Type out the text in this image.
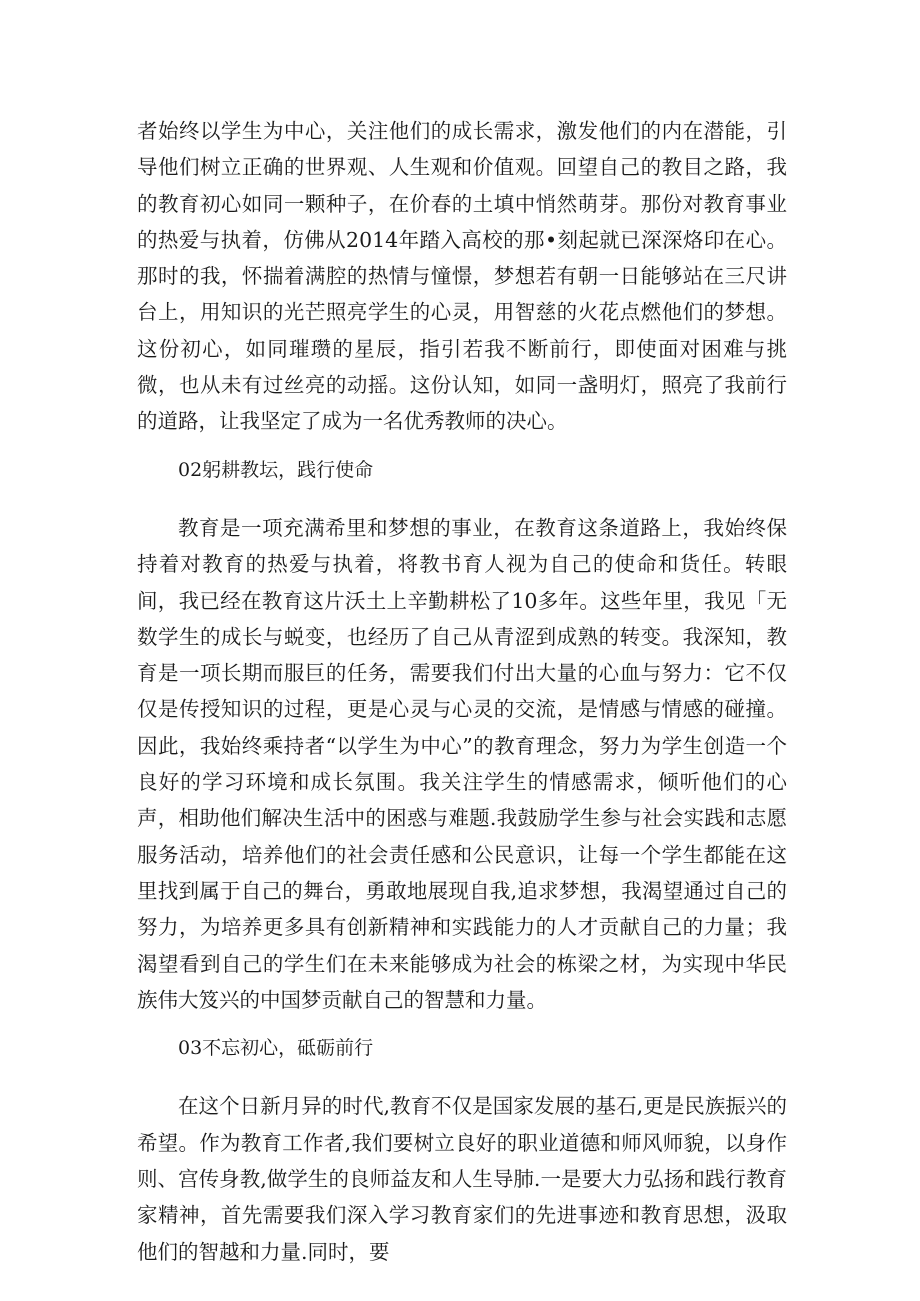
者始终以学生为中心，关注他们的成长需求，激发他们的内在潜能，引导他们树立正确的世界观、人生观和价值观。回望自己的教目之路，我的教育初心如同一颗种子，在价春的土填中悄然萌芽。那份对教育事业的热爱与执着，仿佛从2014年踏入高校的那•刻起就已深深烙印在心。那时的我，怀揣着满腔的热情与憧憬，梦想若有朝一日能够站在三尺讲台上，用知识的光芒照亮学生的心灵，用智慈的火花点燃他们的梦想。这份初心，如同璀瓒的星辰，指引若我不断前行，即使面对困难与挑微，也从未有过丝亮的动摇。这份认知，如同一盏明灯，照亮了我前行的道路，让我坚定了成为一名优秀教师的决心。

02躬耕教坛，践行使命

教育是一项充满希里和梦想的事业，在教育这条道路上，我始终保持着对教育的热爱与执着，将教书育人视为自己的使命和货任。转眼间，我已经在教育这片沃土上辛勤耕松了10多年。这些年里，我见「无数学生的成长与蜕变，也经历了自己从青涩到成熟的转变。我深知，教育是一项长期而服巨的任务，需要我们付出大量的心血与努力：它不仅仅是传授知识的过程，更是心灵与心灵的交流，是情感与情感的碰撞。因此，我始终乘持者“以学生为中心”的教育理念，努力为学生创造一个良好的学习环境和成长氛围。我关注学生的情感需求，倾听他们的心声，相助他们解决生活中的困惑与难题.我鼓励学生参与社会实践和志愿服务活动，培养他们的社会责任感和公民意识，让每一个学生都能在这里找到属于自己的舞台，勇敢地展现自我,追求梦想，我渴望通过自己的努力，为培养更多具有创新精神和实践能力的人才贡献自己的力量；我渴望看到自己的学生们在未来能够成为社会的栋梁之材，为实现中华民族伟大笈兴的中国梦贡献自己的智慧和力量。

03不忘初心，砥砺前行

在这个日新月异的时代,教育不仅是国家发展的基石,更是民族振兴的希望。作为教育工作者,我们要树立良好的职业道德和师风师貌，以身作则、宫传身教,做学生的良师益友和人生导肺.一是要大力弘扬和践行教育家精神，首先需要我们深入学习教育家们的先进事迹和教育思想，汲取他们的智越和力量.同时，要
